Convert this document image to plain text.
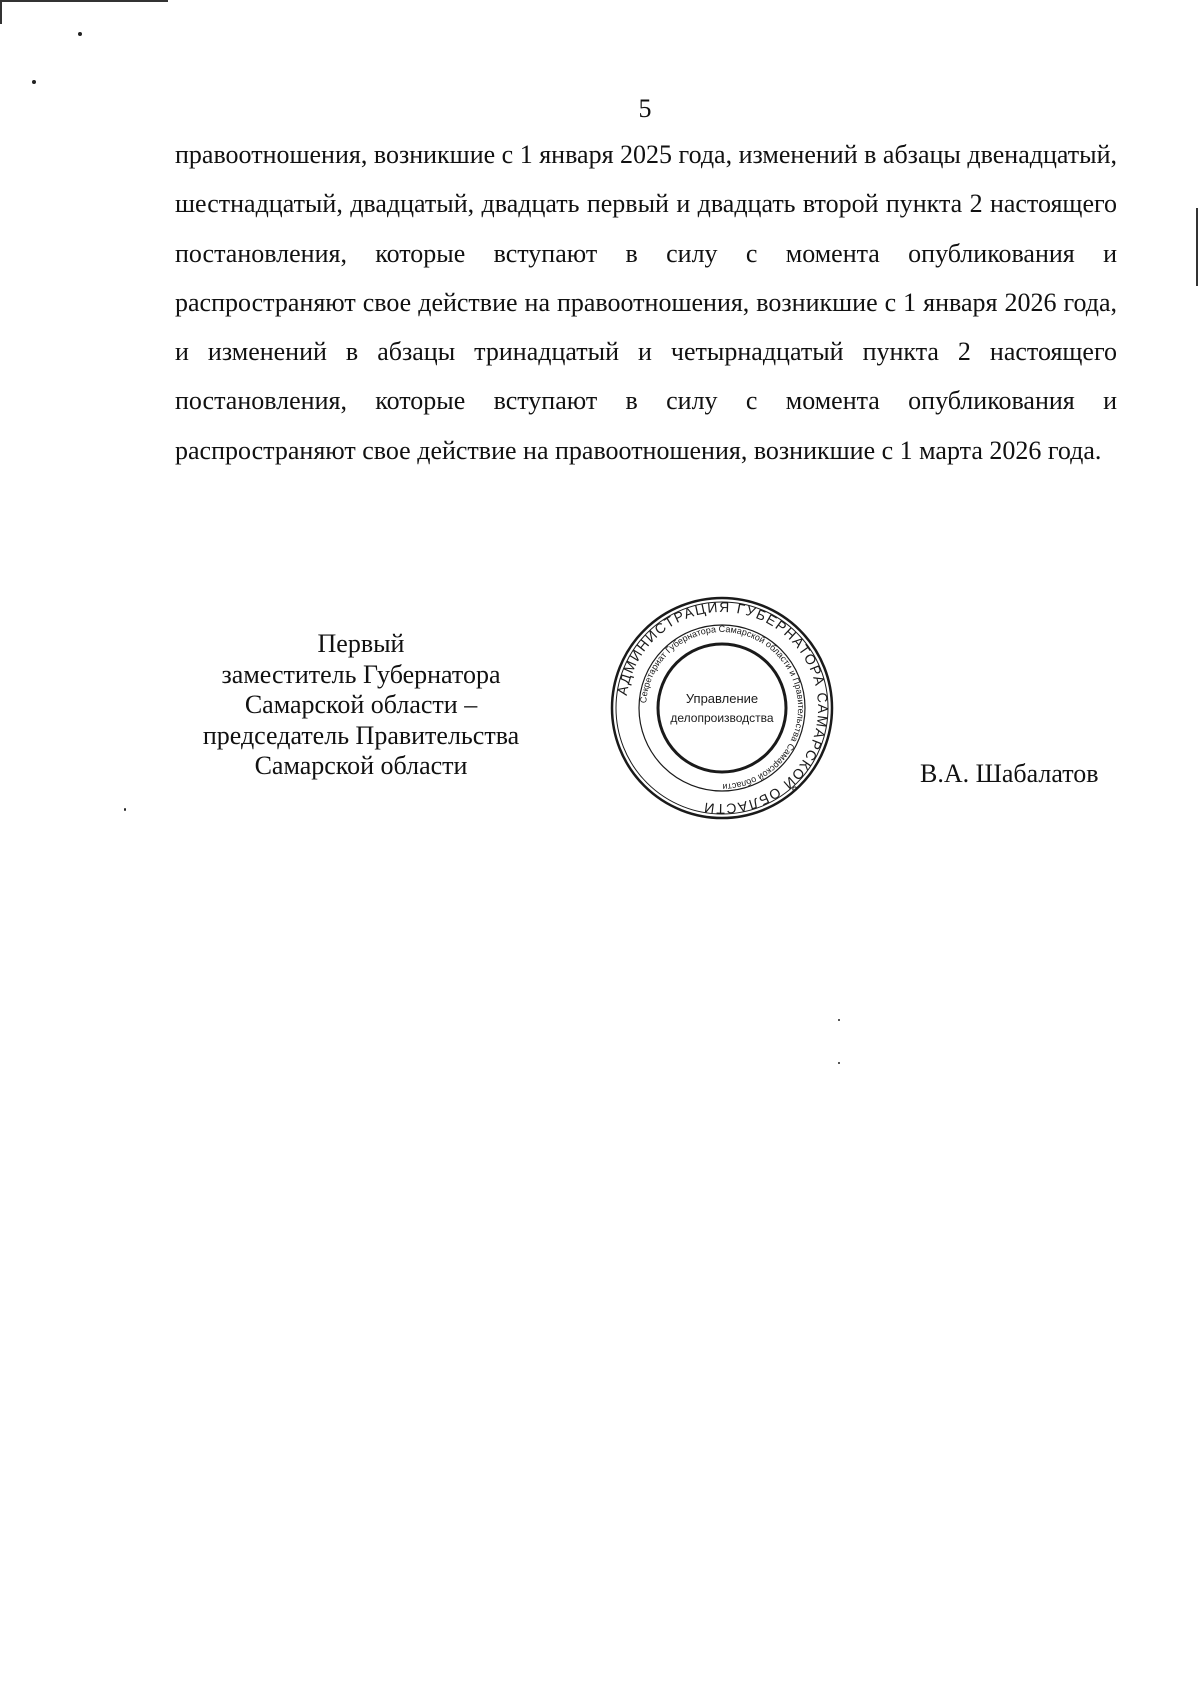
5

правоотношения, возникшие с 1 января 2025 года, изменений в абзацы двенадцатый, шестнадцатый, двадцатый, двадцать первый и двадцать второй пункта 2 настоящего постановления, которые вступают в силу с момента опубликования и распространяют свое действие на правоотношения, возникшие с 1 января 2026 года, и изменений в абзацы тринадцатый и четырнадцатый пункта 2 настоящего постановления, которые вступают в силу с момента опубликования и распространяют свое действие на правоотношения, возникшие с 1 марта 2026 года.

Первый
заместитель Губернатора
Самарской области –
председатель Правительства
Самарской области
АДМИНИСТРАЦИЯ ГУБЕРНАТОРА САМАРСКОЙ ОБЛАСТИ
Секретариат Губернатора Самарской области и Правительства Самарской области
Управление
делопроизводства
В.А. Шабалатов
